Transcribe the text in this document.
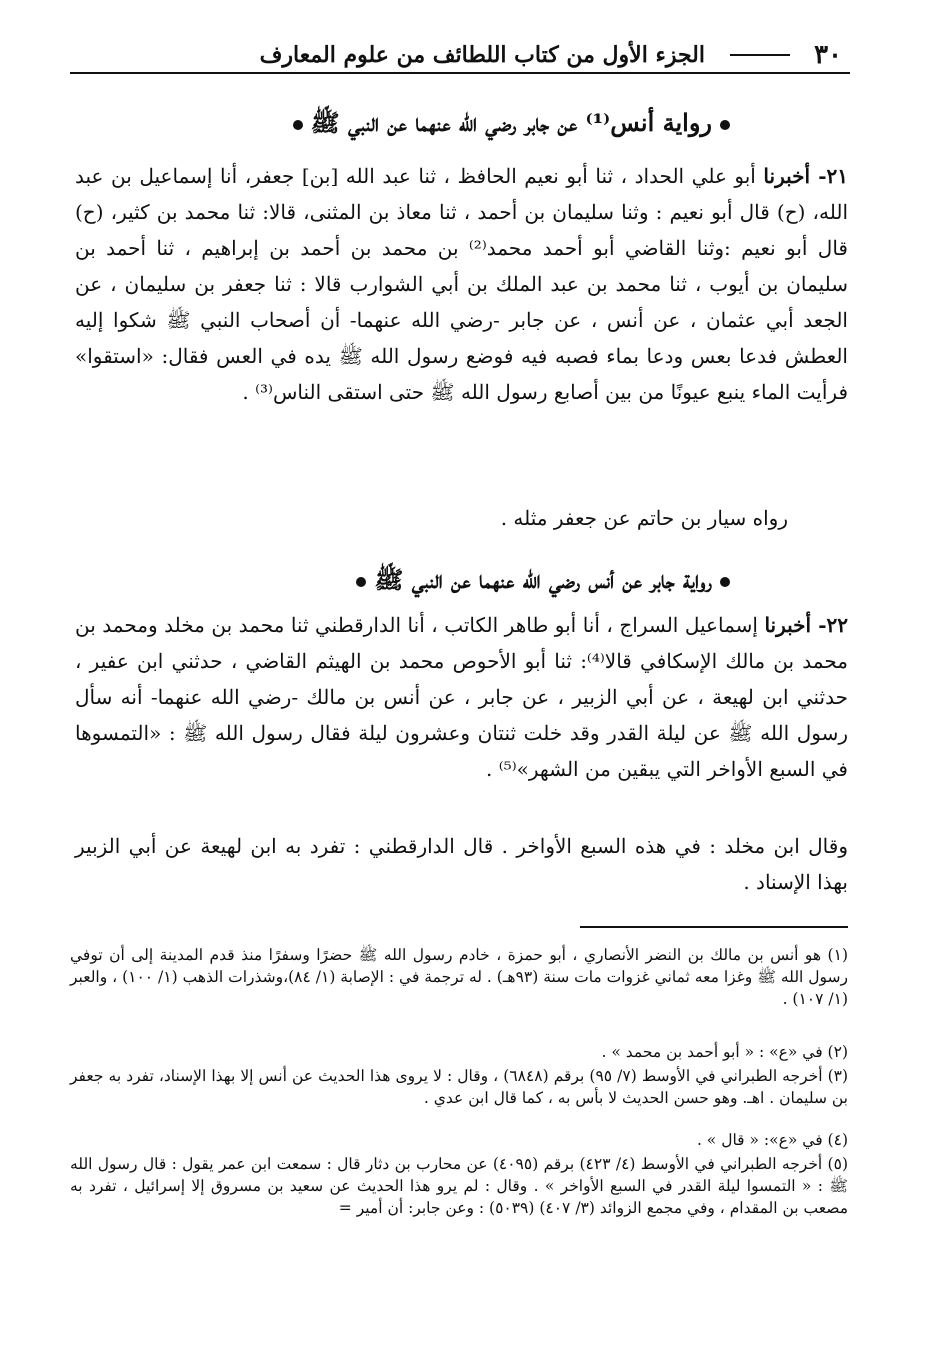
٣٠
الجزء الأول من كتاب اللطائف من علوم المعارف
رواية أنس⁽¹⁾ عن جابر رضي الله عنهما عن النبي ﷺ
٢١- أخبرنا أبو علي الحداد ، ثنا أبو نعيم الحافظ ، ثنا عبد الله [بن] جعفر، أنا إسماعيل بن عبد الله، (ح) قال أبو نعيم : وثنا سليمان بن أحمد ، ثنا معاذ بن المثنى، قالا: ثنا محمد بن كثير، (ح) قال أبو نعيم :وثنا القاضي أبو أحمد محمد⁽²⁾ بن محمد بن أحمد بن إبراهيم ، ثنا أحمد بن سليمان بن أيوب ، ثنا محمد بن عبد الملك بن أبي الشوارب قالا : ثنا جعفر بن سليمان ، عن الجعد أبي عثمان ، عن أنس ، عن جابر -رضي الله عنهما- أن أصحاب النبي ﷺ شكوا إليه العطش فدعا بعس ودعا بماء فصبه فيه فوضع رسول الله ﷺ يده في العس فقال: «استقوا» فرأيت الماء ينبع عيونًا من بين أصابع رسول الله ﷺ حتى استقى الناس⁽³⁾ .
رواه سيار بن حاتم عن جعفر مثله .
رواية جابر عن أنس رضي الله عنهما عن النبي ﷺ
٢٢- أخبرنا إسماعيل السراج ، أنا أبو طاهر الكاتب ، أنا الدارقطني ثنا محمد بن مخلد ومحمد بن محمد بن مالك الإسكافي قالا⁽⁴⁾: ثنا أبو الأحوص محمد بن الهيثم القاضي ، حدثني ابن عفير ، حدثني ابن لهيعة ، عن أبي الزبير ، عن جابر ، عن أنس بن مالك -رضي الله عنهما- أنه سأل رسول الله ﷺ عن ليلة القدر وقد خلت ثنتان وعشرون ليلة فقال رسول الله ﷺ : «التمسوها في السبع الأواخر التي يبقين من الشهر»⁽⁵⁾ .
وقال ابن مخلد : في هذه السبع الأواخر . قال الدارقطني : تفرد به ابن لهيعة عن أبي الزبير بهذا الإسناد .
(١) هو أنس بن مالك بن النضر الأنصاري ، أبو حمزة ، خادم رسول الله ﷺ حضرًا وسفرًا منذ قدم المدينة إلى أن توفي رسول الله ﷺ وغزا معه ثماني غزوات مات سنة (٩٣هـ) . له ترجمة في : الإصابة (١/ ٨٤)،وشذرات الذهب (١/ ١٠٠) ، والعبر (١/ ١٠٧) .
(٢) في «ع» : « أبو أحمد بن محمد » .
(٣) أخرجه الطبراني في الأوسط (٧/ ٩٥) برقم (٦٨٤٨) ، وقال : لا يروى هذا الحديث عن أنس إلا بهذا الإسناد، تفرد به جعفر بن سليمان . اهـ. وهو حسن الحديث لا بأس به ، كما قال ابن عدي .
(٤) في «ع»: « قال » .
(٥) أخرجه الطبراني في الأوسط (٤/ ٤٢٣) برقم (٤٠٩٥) عن محارب بن دثار قال : سمعت ابن عمر يقول : قال رسول الله ﷺ : « التمسوا ليلة القدر في السبع الأواخر » . وقال : لم يرو هذا الحديث عن سعيد بن مسروق إلا إسرائيل ، تفرد به مصعب بن المقدام ، وفي مجمع الزوائد (٣/ ٤٠٧) (٥٠٣٩) : وعن جابر: أن أمير =
